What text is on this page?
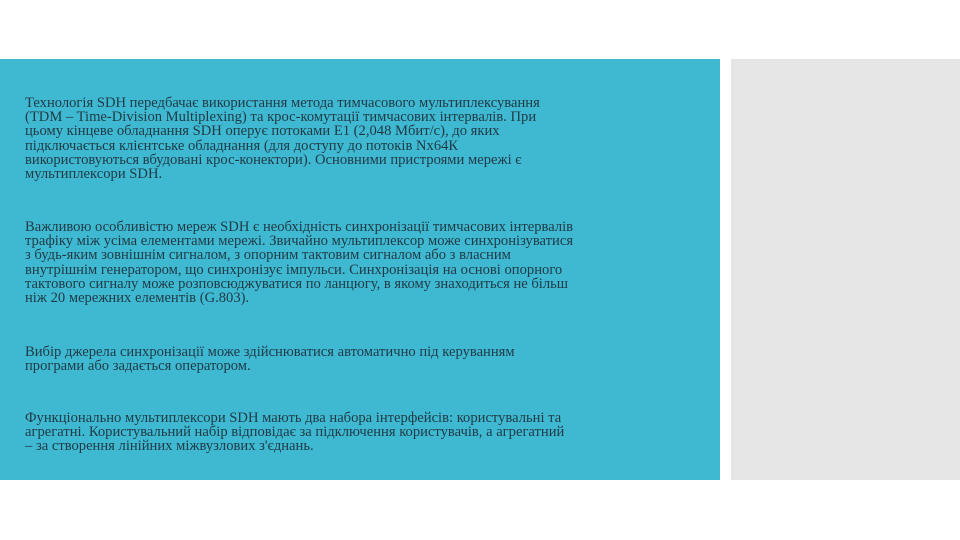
Технологія SDH передбачає використання метода тимчасового мультиплексування
(TDM – Time-Division Multiplexing) та крос-комутації тимчасових інтервалів. При
цьому кінцеве обладнання SDH оперує потоками Е1 (2,048 Мбит/с), до яких
підключається клієнтське обладнання (для доступу до потоків Nх64К
використовуються вбудовані крос-конектори). Основними пристроями мережі є
мультиплексори SDH.

Важливою особливістю мереж SDH є необхідність синхронізації тимчасових інтервалів
трафіку між усіма елементами мережі. Звичайно мультиплексор може синхронізуватися
з будь-яким зовнішнім сигналом, з опорним тактовим сигналом або з власним
внутрішнім генератором, що синхронізує імпульси. Синхронізація на основі опорного
тактового сигналу може розповсюджуватися по ланцюгу, в якому знаходиться не більш
ніж 20 мережних елементів (G.803).

Вибір джерела синхронізації може здійснюватися автоматично під керуванням
програми або задається оператором.

Функціонально мультиплексори SDH мають два набора інтерфейсів: користувальні та
агрегатні. Користувальний набір відповідає за підключення користувачів, а агрегатний
– за створення лінійних міжвузлових з'єднань.
